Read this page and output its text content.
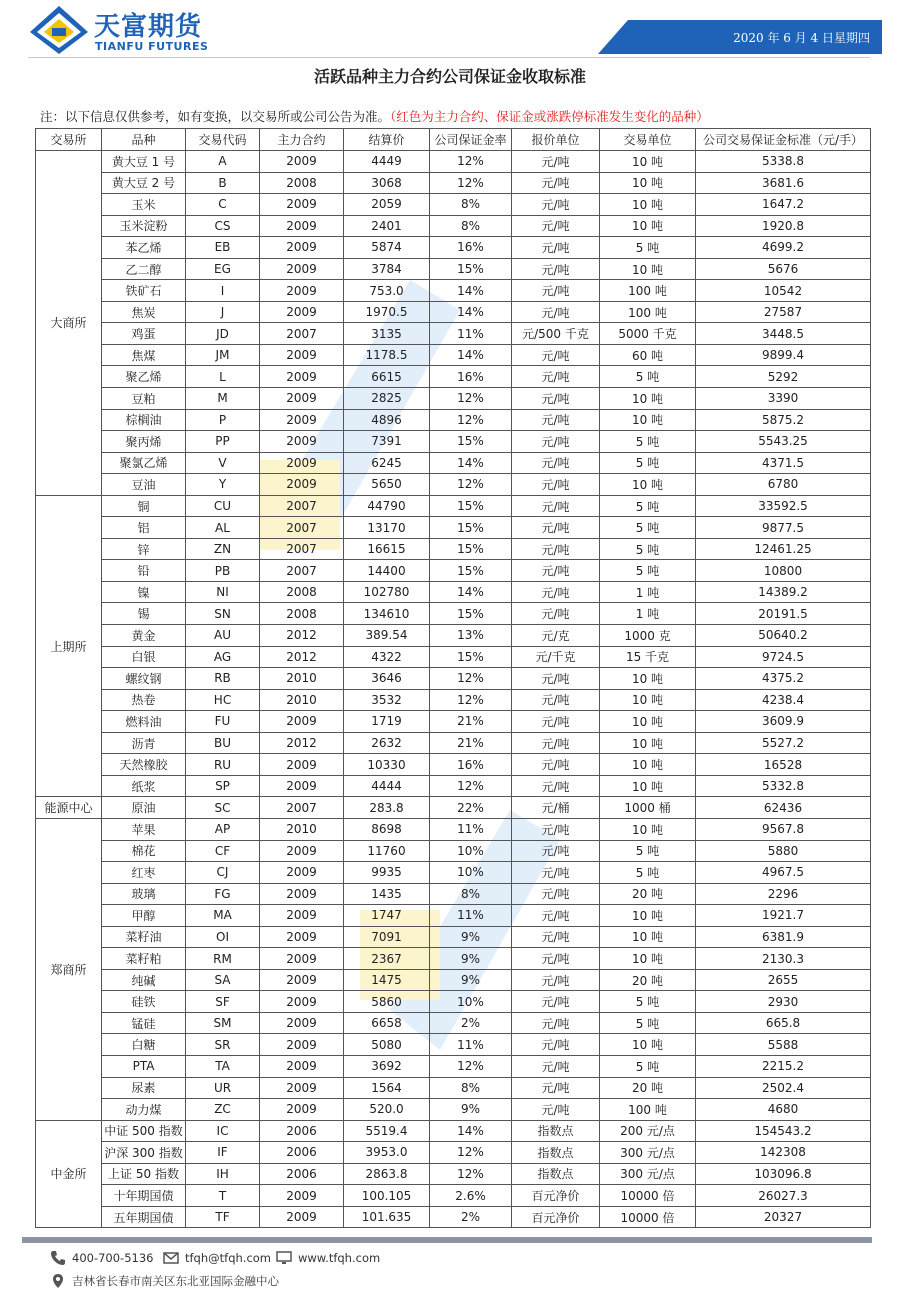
天富期货
TIANFU FUTURES
2020 年 6 月 4 日星期四
活跃品种主力合约公司保证金收取标准
注：以下信息仅供参考，如有变换，以交易所或公司公告为准。（红色为主力合约、保证金或涨跌停标准发生变化的品种）
交易所	品种	交易代码	主力合约	结算价	公司保证金率	报价单位	交易单位	公司交易保证金标准（元/手）
大商所	黄大豆 1 号	A	2009	4449	12%	元/吨	10 吨	5338.8
	黄大豆 2 号	B	2008	3068	12%	元/吨	10 吨	3681.6
	玉米	C	2009	2059	8%	元/吨	10 吨	1647.2
	玉米淀粉	CS	2009	2401	8%	元/吨	10 吨	1920.8
	苯乙烯	EB	2009	5874	16%	元/吨	5 吨	4699.2
	乙二醇	EG	2009	3784	15%	元/吨	10 吨	5676
	铁矿石	I	2009	753.0	14%	元/吨	100 吨	10542
	焦炭	J	2009	1970.5	14%	元/吨	100 吨	27587
	鸡蛋	JD	2007	3135	11%	元/500 千克	5000 千克	3448.5
	焦煤	JM	2009	1178.5	14%	元/吨	60 吨	9899.4
	聚乙烯	L	2009	6615	16%	元/吨	5 吨	5292
	豆粕	M	2009	2825	12%	元/吨	10 吨	3390
	棕榈油	P	2009	4896	12%	元/吨	10 吨	5875.2
	聚丙烯	PP	2009	7391	15%	元/吨	5 吨	5543.25
	聚氯乙烯	V	2009	6245	14%	元/吨	5 吨	4371.5
	豆油	Y	2009	5650	12%	元/吨	10 吨	6780
上期所	铜	CU	2007	44790	15%	元/吨	5 吨	33592.5
	铝	AL	2007	13170	15%	元/吨	5 吨	9877.5
	锌	ZN	2007	16615	15%	元/吨	5 吨	12461.25
	铅	PB	2007	14400	15%	元/吨	5 吨	10800
	镍	NI	2008	102780	14%	元/吨	1 吨	14389.2
	锡	SN	2008	134610	15%	元/吨	1 吨	20191.5
	黄金	AU	2012	389.54	13%	元/克	1000 克	50640.2
	白银	AG	2012	4322	15%	元/千克	15 千克	9724.5
	螺纹钢	RB	2010	3646	12%	元/吨	10 吨	4375.2
	热卷	HC	2010	3532	12%	元/吨	10 吨	4238.4
	燃料油	FU	2009	1719	21%	元/吨	10 吨	3609.9
	沥青	BU	2012	2632	21%	元/吨	10 吨	5527.2
	天然橡胶	RU	2009	10330	16%	元/吨	10 吨	16528
	纸浆	SP	2009	4444	12%	元/吨	10 吨	5332.8
能源中心	原油	SC	2007	283.8	22%	元/桶	1000 桶	62436
郑商所	苹果	AP	2010	8698	11%	元/吨	10 吨	9567.8
	棉花	CF	2009	11760	10%	元/吨	5 吨	5880
	红枣	CJ	2009	9935	10%	元/吨	5 吨	4967.5
	玻璃	FG	2009	1435	8%	元/吨	20 吨	2296
	甲醇	MA	2009	1747	11%	元/吨	10 吨	1921.7
	菜籽油	OI	2009	7091	9%	元/吨	10 吨	6381.9
	菜籽粕	RM	2009	2367	9%	元/吨	10 吨	2130.3
	纯碱	SA	2009	1475	9%	元/吨	20 吨	2655
	硅铁	SF	2009	5860	10%	元/吨	5 吨	2930
	锰硅	SM	2009	6658	2%	元/吨	5 吨	665.8
	白糖	SR	2009	5080	11%	元/吨	10 吨	5588
	PTA	TA	2009	3692	12%	元/吨	5 吨	2215.2
	尿素	UR	2009	1564	8%	元/吨	20 吨	2502.4
	动力煤	ZC	2009	520.0	9%	元/吨	100 吨	4680
中金所	中证 500 指数	IC	2006	5519.4	14%	指数点	200 元/点	154543.2
	沪深 300 指数	IF	2006	3953.0	12%	指数点	300 元/点	142308
	上证 50 指数	IH	2006	2863.8	12%	指数点	300 元/点	103096.8
	十年期国债	T	2009	100.105	2.6%	百元净价	10000 倍	26027.3
	五年期国债	TF	2009	101.635	2%	百元净价	10000 倍	20327
400-700-5136	tfqh@tfqh.com www.tfqh.com
吉林省长春市南关区东北亚国际金融中心
